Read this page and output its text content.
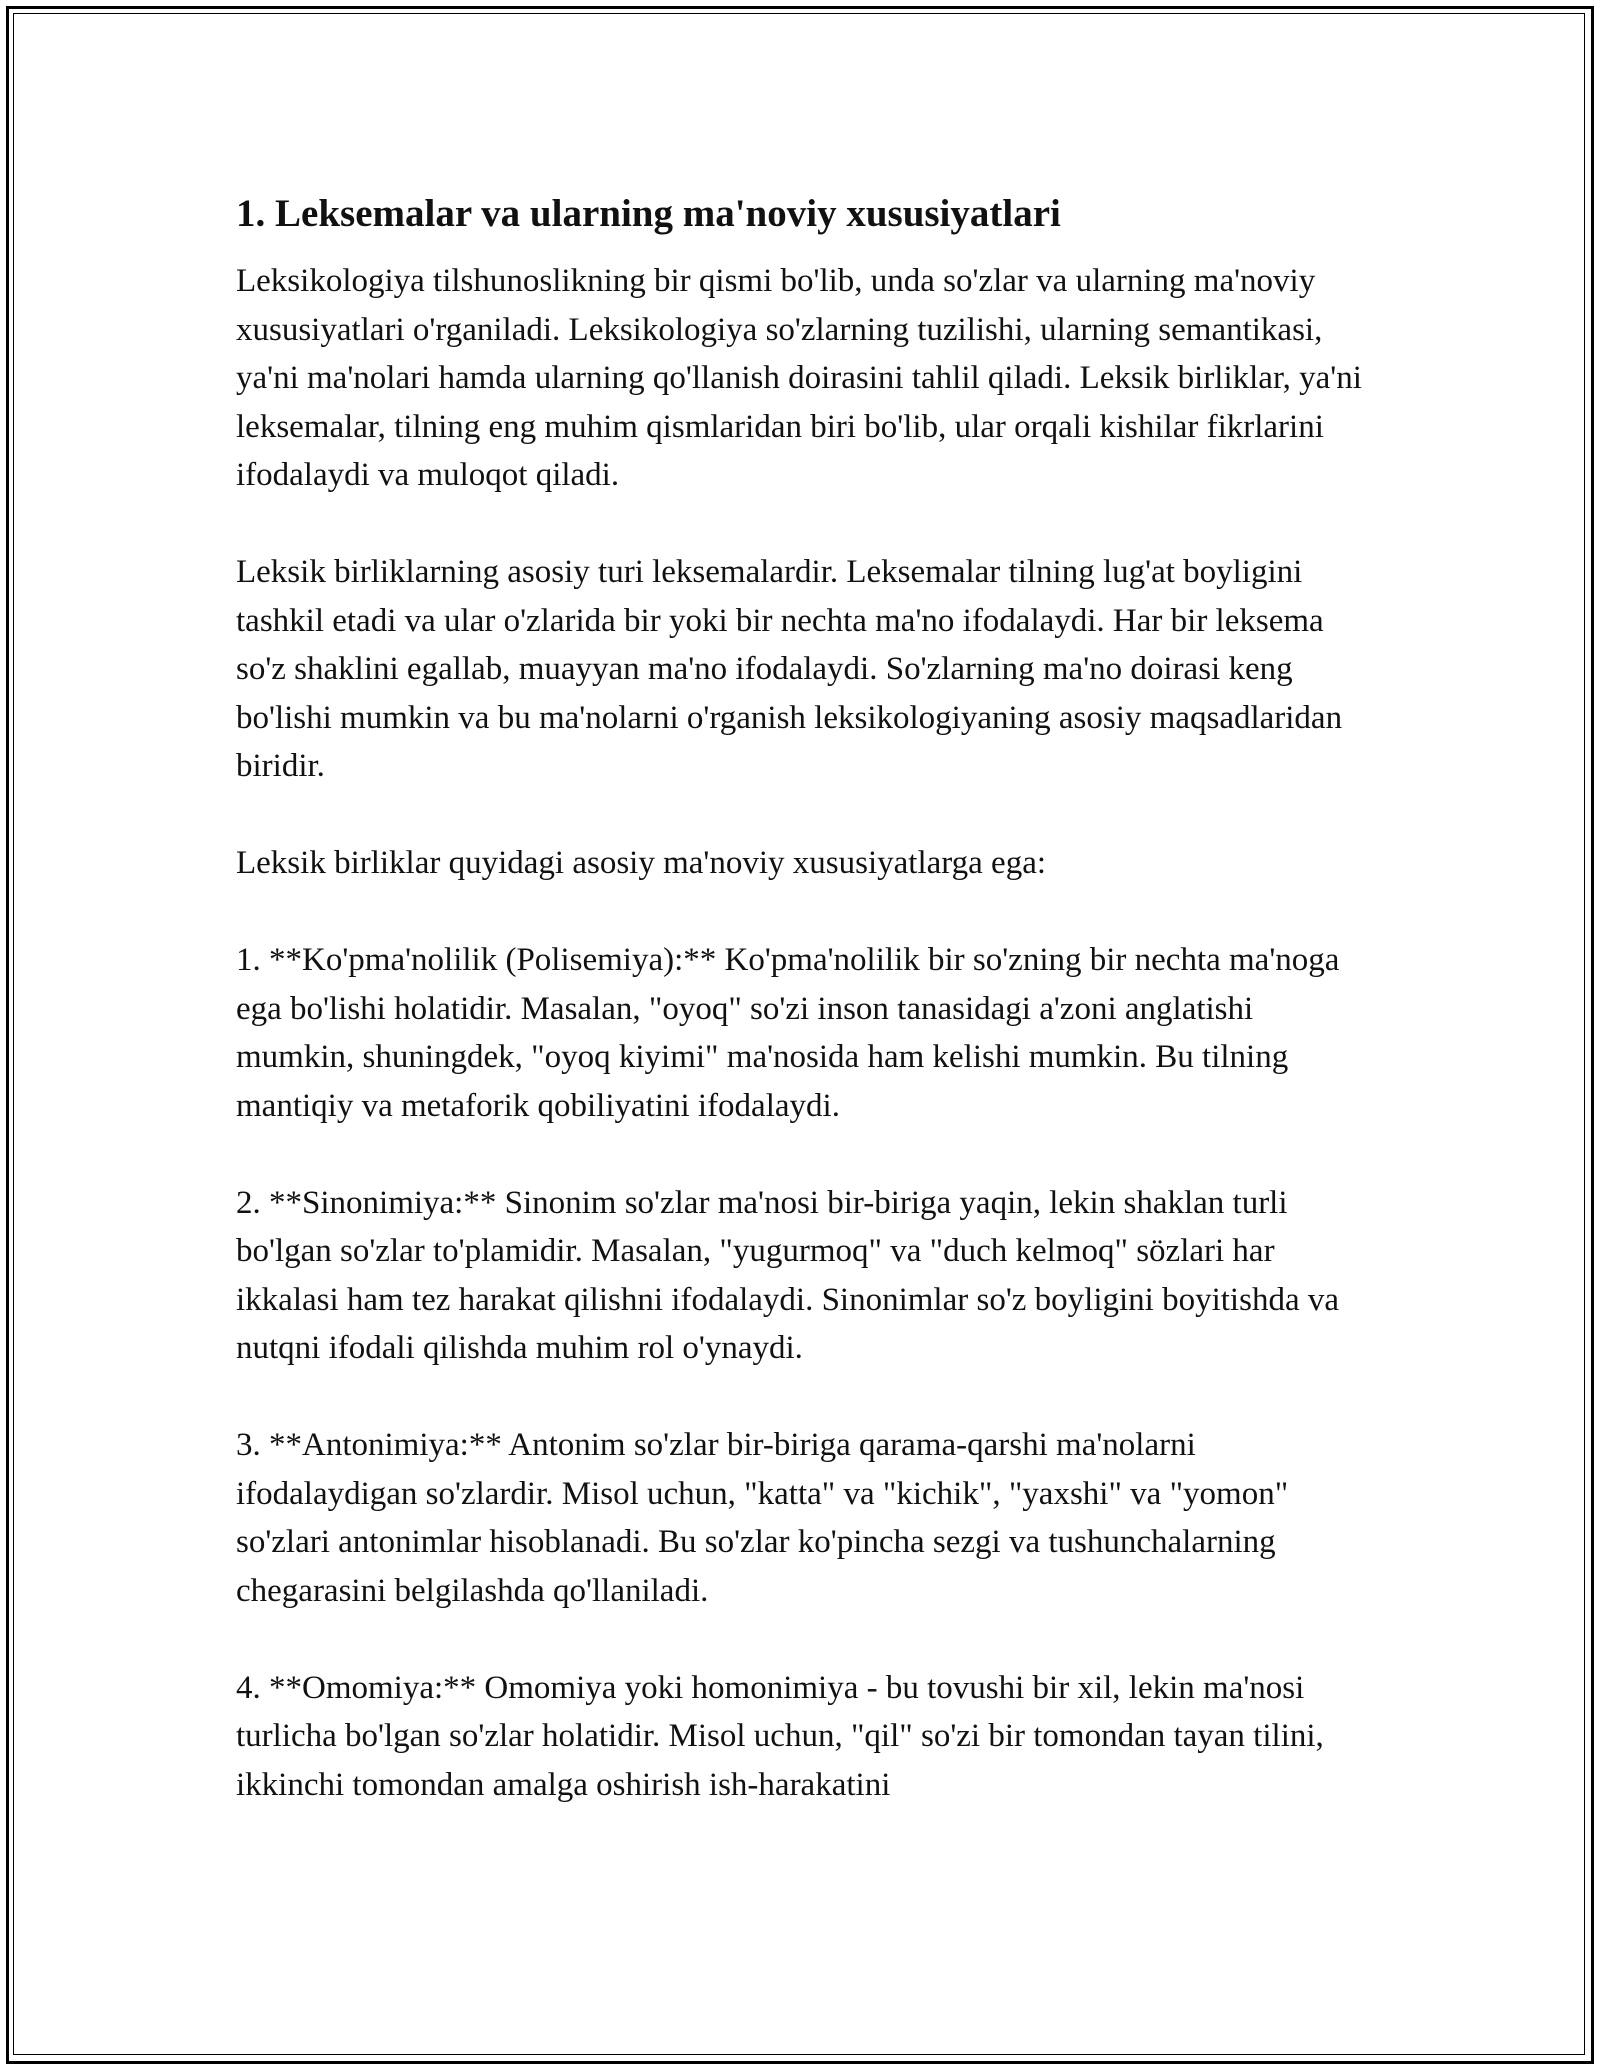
1. Leksemalar va ularning ma'noviy xususiyatlari

Leksikologiya tilshunoslikning bir qismi bo'lib, unda so'zlar va ularning ma'noviy xususiyatlari o'rganiladi. Leksikologiya so'zlarning tuzilishi, ularning semantikasi, ya'ni ma'nolari hamda ularning qo'llanish doirasini tahlil qiladi. Leksik birliklar, ya'ni leksemalar, tilning eng muhim qismlaridan biri bo'lib, ular orqali kishilar fikrlarini ifodalaydi va muloqot qiladi.

Leksik birliklarning asosiy turi leksemalardir. Leksemalar tilning lug'at boyligini tashkil etadi va ular o'zlarida bir yoki bir nechta ma'no ifodalaydi. Har bir leksema so'z shaklini egallab, muayyan ma'no ifodalaydi. So'zlarning ma'no doirasi keng bo'lishi mumkin va bu ma'nolarni o'rganish leksikologiyaning asosiy maqsadlaridan biridir.

Leksik birliklar quyidagi asosiy ma'noviy xususiyatlarga ega:

1. **Ko'pma'nolilik (Polisemiya):** Ko'pma'nolilik bir so'zning bir nechta ma'noga ega bo'lishi holatidir. Masalan, "oyoq" so'zi inson tanasidagi a'zoni anglatishi mumkin, shuningdek, "oyoq kiyimi" ma'nosida ham kelishi mumkin. Bu tilning mantiqiy va metaforik qobiliyatini ifodalaydi.

2. **Sinonimiya:** Sinonim so'zlar ma'nosi bir-biriga yaqin, lekin shaklan turli bo'lgan so'zlar to'plamidir. Masalan, "yugurmoq" va "duch kelmoq" sözlari har ikkalasi ham tez harakat qilishni ifodalaydi. Sinonimlar so'z boyligini boyitishda va nutqni ifodali qilishda muhim rol o'ynaydi.

3. **Antonimiya:** Antonim so'zlar bir-biriga qarama-qarshi ma'nolarni ifodalaydigan so'zlardir. Misol uchun, "katta" va "kichik", "yaxshi" va "yomon" so'zlari antonimlar hisoblanadi. Bu so'zlar ko'pincha sezgi va tushunchalarning chegarasini belgilashda qo'llaniladi.

4. **Omomiya:** Omomiya yoki homonimiya - bu tovushi bir xil, lekin ma'nosi turlicha bo'lgan so'zlar holatidir. Misol uchun, "qil" so'zi bir tomondan tayan tilini, ikkinchi tomondan amalga oshirish ish-harakatini
